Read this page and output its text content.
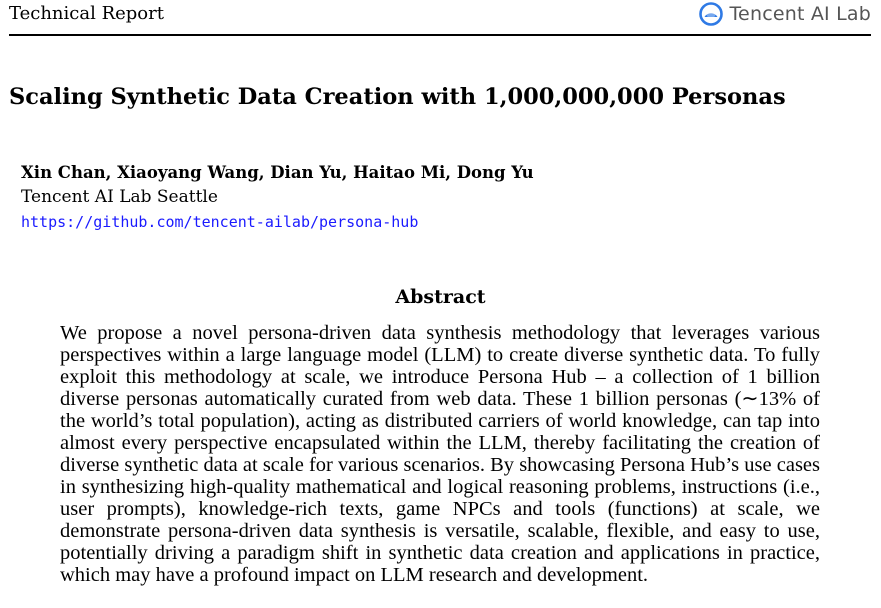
Technical Report	Tencent AI Lab
Scaling Synthetic Data Creation with 1,000,000,000 Personas
Xin Chan, Xiaoyang Wang, Dian Yu, Haitao Mi, Dong Yu
Tencent AI Lab Seattle
https://github.com/tencent-ailab/persona-hub
Abstract
We propose a novel persona-driven data synthesis methodology that leverages various perspectives within a large language model (LLM) to create diverse synthetic data. To fully exploit this methodology at scale, we introduce Persona Hub – a collection of 1 billion diverse personas automatically curated from web data. These 1 billion personas (∼13% of the world’s total population), acting as distributed carriers of world knowledge, can tap into almost every perspective encapsulated within the LLM, thereby facilitating the creation of diverse synthetic data at scale for various scenarios. By showcasing Persona Hub’s use cases in synthesizing high-quality mathematical and logical reasoning problems, instructions (i.e., user prompts), knowledge-rich texts, game NPCs and tools (functions) at scale, we demonstrate persona-driven data synthesis is versatile, scalable, flexible, and easy to use, potentially driving a paradigm shift in synthetic data creation and applications in practice, which may have a profound impact on LLM research and development.
